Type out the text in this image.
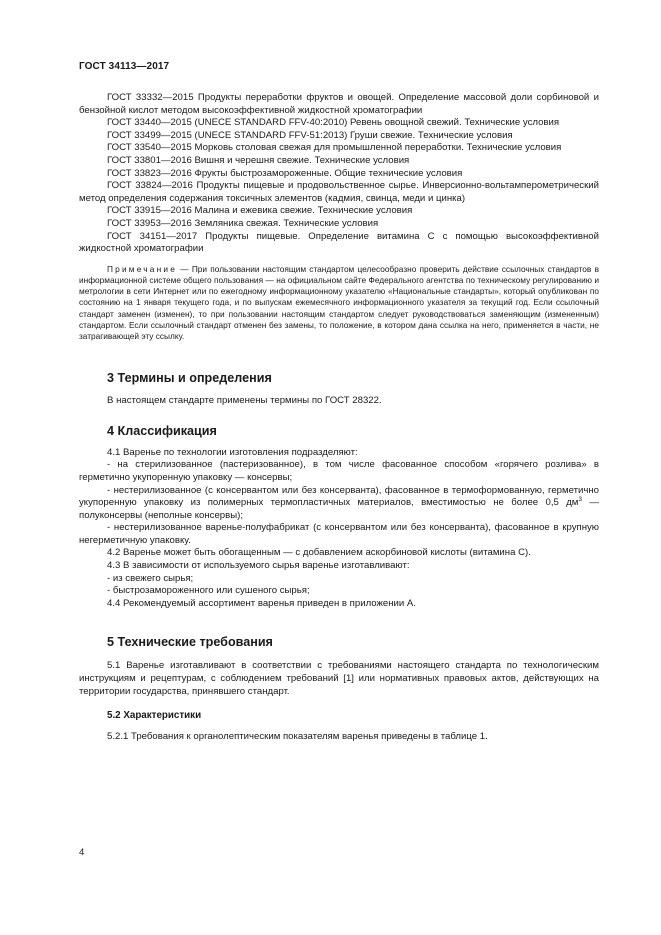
ГОСТ 34113—2017

ГОСТ 33332—2015 Продукты переработки фруктов и овощей. Определение массовой доли сорбиновой и бензойной кислот методом высокоэффективной жидкостной хроматографии

ГОСТ 33440—2015 (UNECE STANDARD FFV-40:2010) Ревень овощной свежий. Технические условия

ГОСТ 33499—2015 (UNECE STANDARD FFV-51:2013) Груши свежие. Технические условия

ГОСТ 33540—2015 Морковь столовая свежая для промышленной переработки. Технические условия

ГОСТ 33801—2016 Вишня и черешня свежие. Технические условия

ГОСТ 33823—2016 Фрукты быстрозамороженные. Общие технические условия

ГОСТ 33824—2016 Продукты пищевые и продовольственное сырье. Инверсионно-вольтамперометрический метод определения содержания токсичных элементов (кадмия, свинца, меди и цинка)

ГОСТ 33915—2016 Малина и ежевика свежие. Технические условия

ГОСТ 33953—2016 Земляника свежая. Технические условия

ГОСТ 34151—2017 Продукты пищевые. Определение витамина С с помощью высокоэффективной жидкостной хроматографии

Примечание — При пользовании настоящим стандартом целесообразно проверить действие ссылочных стандартов в информационной системе общего пользования — на официальном сайте Федерального агентства по техническому регулированию и метрологии в сети Интернет или по ежегодному информационному указателю «Национальные стандарты», который опубликован по состоянию на 1 января текущего года, и по выпускам ежемесячного информационного указателя за текущий год. Если ссылочный стандарт заменен (изменен), то при пользовании настоящим стандартом следует руководствоваться заменяющим (измененным) стандартом. Если ссылочный стандарт отменен без замены, то положение, в котором дана ссылка на него, применяется в части, не затрагивающей эту ссылку.

3 Термины и определения

В настоящем стандарте применены термины по ГОСТ 28322.

4 Классификация

4.1 Варенье по технологии изготовления подразделяют:

- на стерилизованное (пастеризованное), в том числе фасованное способом «горячего розлива» в герметично укупоренную упаковку — консервы;

- нестерилизованное (с консервантом или без консерванта), фасованное в термоформованную, герметично укупоренную упаковку из полимерных термопластичных материалов, вместимостью не более 0,5 $дм^3$ — полуконсервы (неполные консервы);

- нестерилизованное варенье-полуфабрикат (с консервантом или без консерванта), фасованное в крупную негерметичную упаковку.

4.2 Варенье может быть обогащенным — с добавлением аскорбиновой кислоты (витамина С).

4.3 В зависимости от используемого сырья варенье изготавливают:

- из свежего сырья;

- быстрозамороженного или сушеного сырья;

4.4 Рекомендуемый ассортимент варенья приведен в приложении А.

5 Технические требования

5.1 Варенье изготавливают в соответствии с требованиями настоящего стандарта по технологическим инструкциям и рецептурам, с соблюдением требований [1] или нормативных правовых актов, действующих на территории государства, принявшего стандарт.

5.2 Характеристики

5.2.1 Требования к органолептическим показателям варенья приведены в таблице 1.

4
